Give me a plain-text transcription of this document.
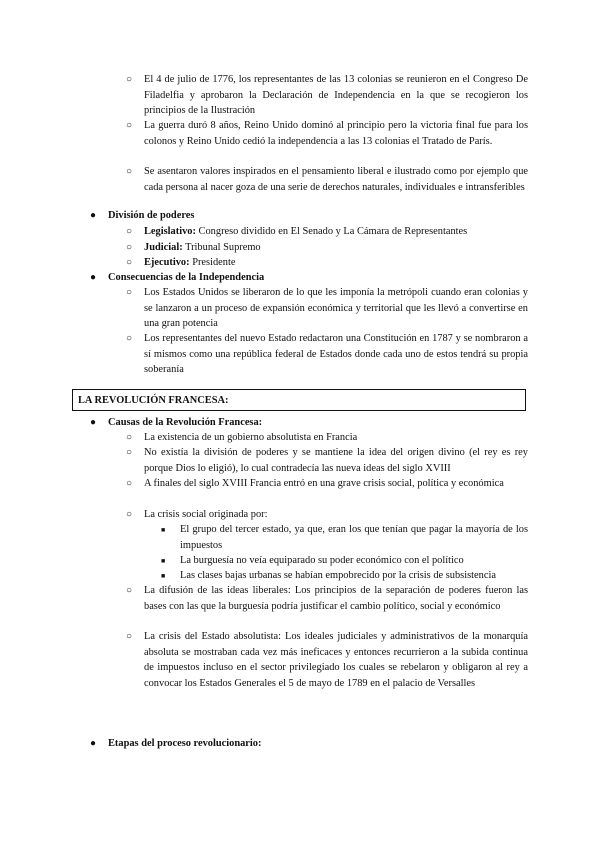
○ El 4 de julio de 1776, los representantes de las 13 colonias se reunieron en el Congreso De Filadelfia y aprobaron la Declaración de Independencia en la que se recogieron los principios de la Ilustración
○ La guerra duró 8 años, Reino Unido dominó al principio pero la victoria final fue para los colonos y Reino Unido cedió la independencia a las 13 colonias el Tratado de París.
○ Se asentaron valores inspirados en el pensamiento liberal e ilustrado como por ejemplo que cada persona al nacer goza de una serie de derechos naturales, individuales e intransferibles
● División de poderes
○ Legislativo: Congreso dividido en El Senado y La Cámara de Representantes
○ Judicial: Tribunal Supremo
○ Ejecutivo: Presidente
● Consecuencias de la Independencia
○ Los Estados Unidos se liberaron de lo que les imponía la metrópoli cuando eran colonias y se lanzaron a un proceso de expansión económica y territorial que les llevó a convertirse en una gran potencia
○ Los representantes del nuevo Estado redactaron una Constitución en 1787 y se nombraron a sí mismos como una república federal de Estados donde cada uno de estos tendrá su propia soberanía
LA REVOLUCIÓN FRANCESA:
● Causas de la Revolución Francesa:
○ La existencia de un gobierno absolutista en Francia
○ No existía la división de poderes y se mantiene la idea del origen divino (el rey es rey porque Dios lo eligió), lo cual contradecía las nueva ideas del siglo XVIII
○ A finales del siglo XVIII Francia entró en una grave crisis social, política y económica
○ La crisis social originada por:
■ El grupo del tercer estado, ya que, eran los que tenían que pagar la mayoría de los impuestos
■ La burguesía no veía equiparado su poder económico con el político
■ Las clases bajas urbanas se habían empobrecido por la crisis de subsistencia
○ La difusión de las ideas liberales: Los principios de la separación de poderes fueron las bases con las que la burguesía podría justificar el cambio político, social y económico
○ La crisis del Estado absolutista: Los ideales judiciales y administrativos de la monarquía absoluta se mostraban cada vez más ineficaces y entonces recurrieron a la subida continua de impuestos incluso en el sector privilegiado los cuales se rebelaron y obligaron al rey a convocar los Estados Generales el 5 de mayo de 1789 en el palacio de Versalles
● Etapas del proceso revolucionario:
